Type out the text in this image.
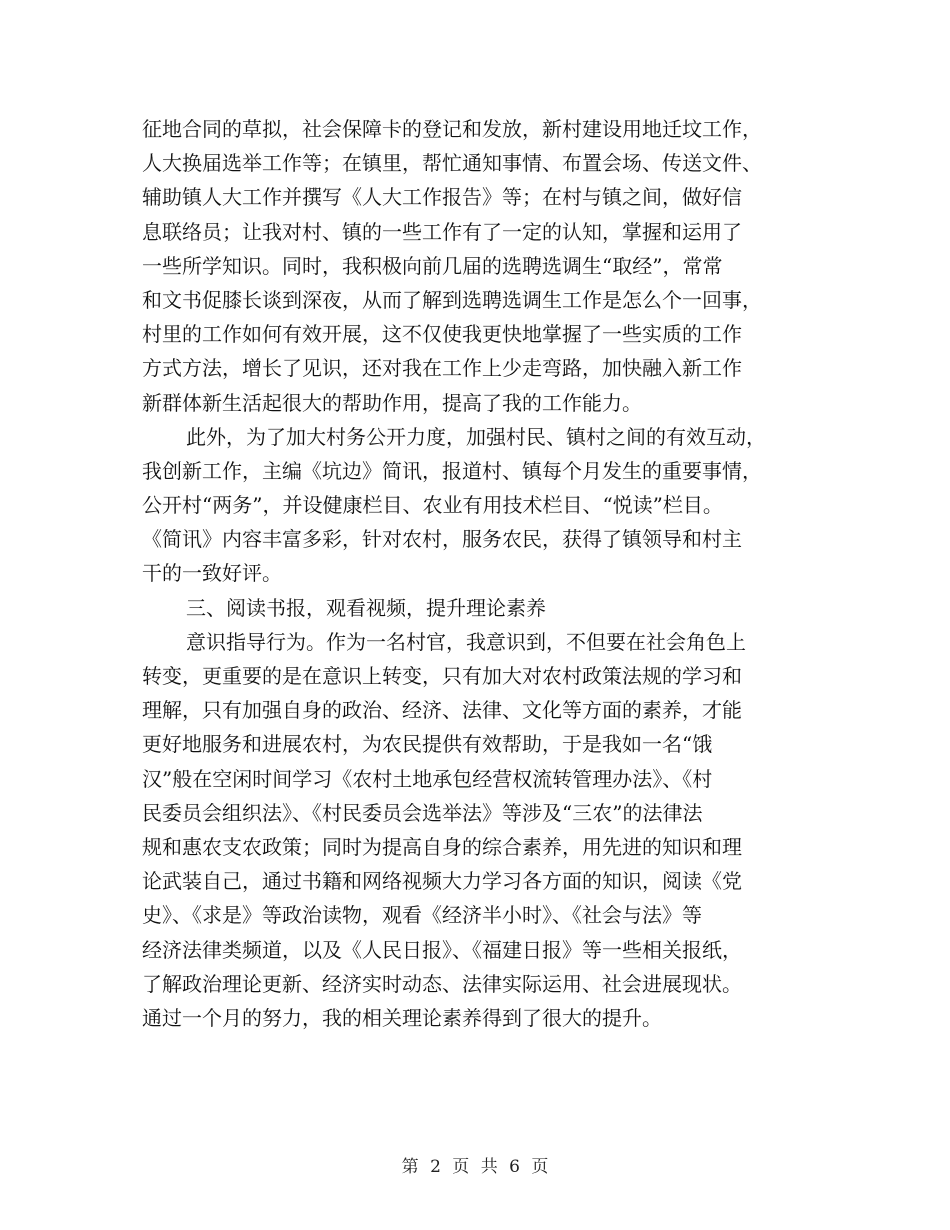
征地合同的草拟，社会保障卡的登记和发放，新村建设用地迁坟工作，
人大换届选举工作等；在镇里，帮忙通知事情、布置会场、传送文件、
辅助镇人大工作并撰写《人大工作报告》等；在村与镇之间，做好信
息联络员；让我对村、镇的一些工作有了一定的认知，掌握和运用了
一些所学知识。同时，我积极向前几届的选聘选调生“取经”，常常
和文书促膝长谈到深夜，从而了解到选聘选调生工作是怎么个一回事，
村里的工作如何有效开展，这不仅使我更快地掌握了一些实质的工作
方式方法，增长了见识，还对我在工作上少走弯路，加快融入新工作
新群体新生活起很大的帮助作用，提高了我的工作能力。
此外，为了加大村务公开力度，加强村民、镇村之间的有效互动，
我创新工作，主编《坑边》简讯，报道村、镇每个月发生的重要事情，
公开村“两务”，并设健康栏目、农业有用技术栏目、“悦读”栏目。
《简讯》内容丰富多彩，针对农村，服务农民，获得了镇领导和村主
干的一致好评。
三、阅读书报，观看视频，提升理论素养
意识指导行为。作为一名村官，我意识到，不但要在社会角色上
转变，更重要的是在意识上转变，只有加大对农村政策法规的学习和
理解，只有加强自身的政治、经济、法律、文化等方面的素养，才能
更好地服务和进展农村，为农民提供有效帮助，于是我如一名“饿
汉”般在空闲时间学习《农村土地承包经营权流转管理办法》、《村
民委员会组织法》、《村民委员会选举法》等涉及“三农”的法律法
规和惠农支农政策；同时为提高自身的综合素养，用先进的知识和理
论武装自己，通过书籍和网络视频大力学习各方面的知识，阅读《党
史》、《求是》等政治读物，观看《经济半小时》、《社会与法》等
经济法律类频道，以及《人民日报》、《福建日报》等一些相关报纸，
了解政治理论更新、经济实时动态、法律实际运用、社会进展现状。
通过一个月的努力，我的相关理论素养得到了很大的提升。
第 2 页 共 6 页
